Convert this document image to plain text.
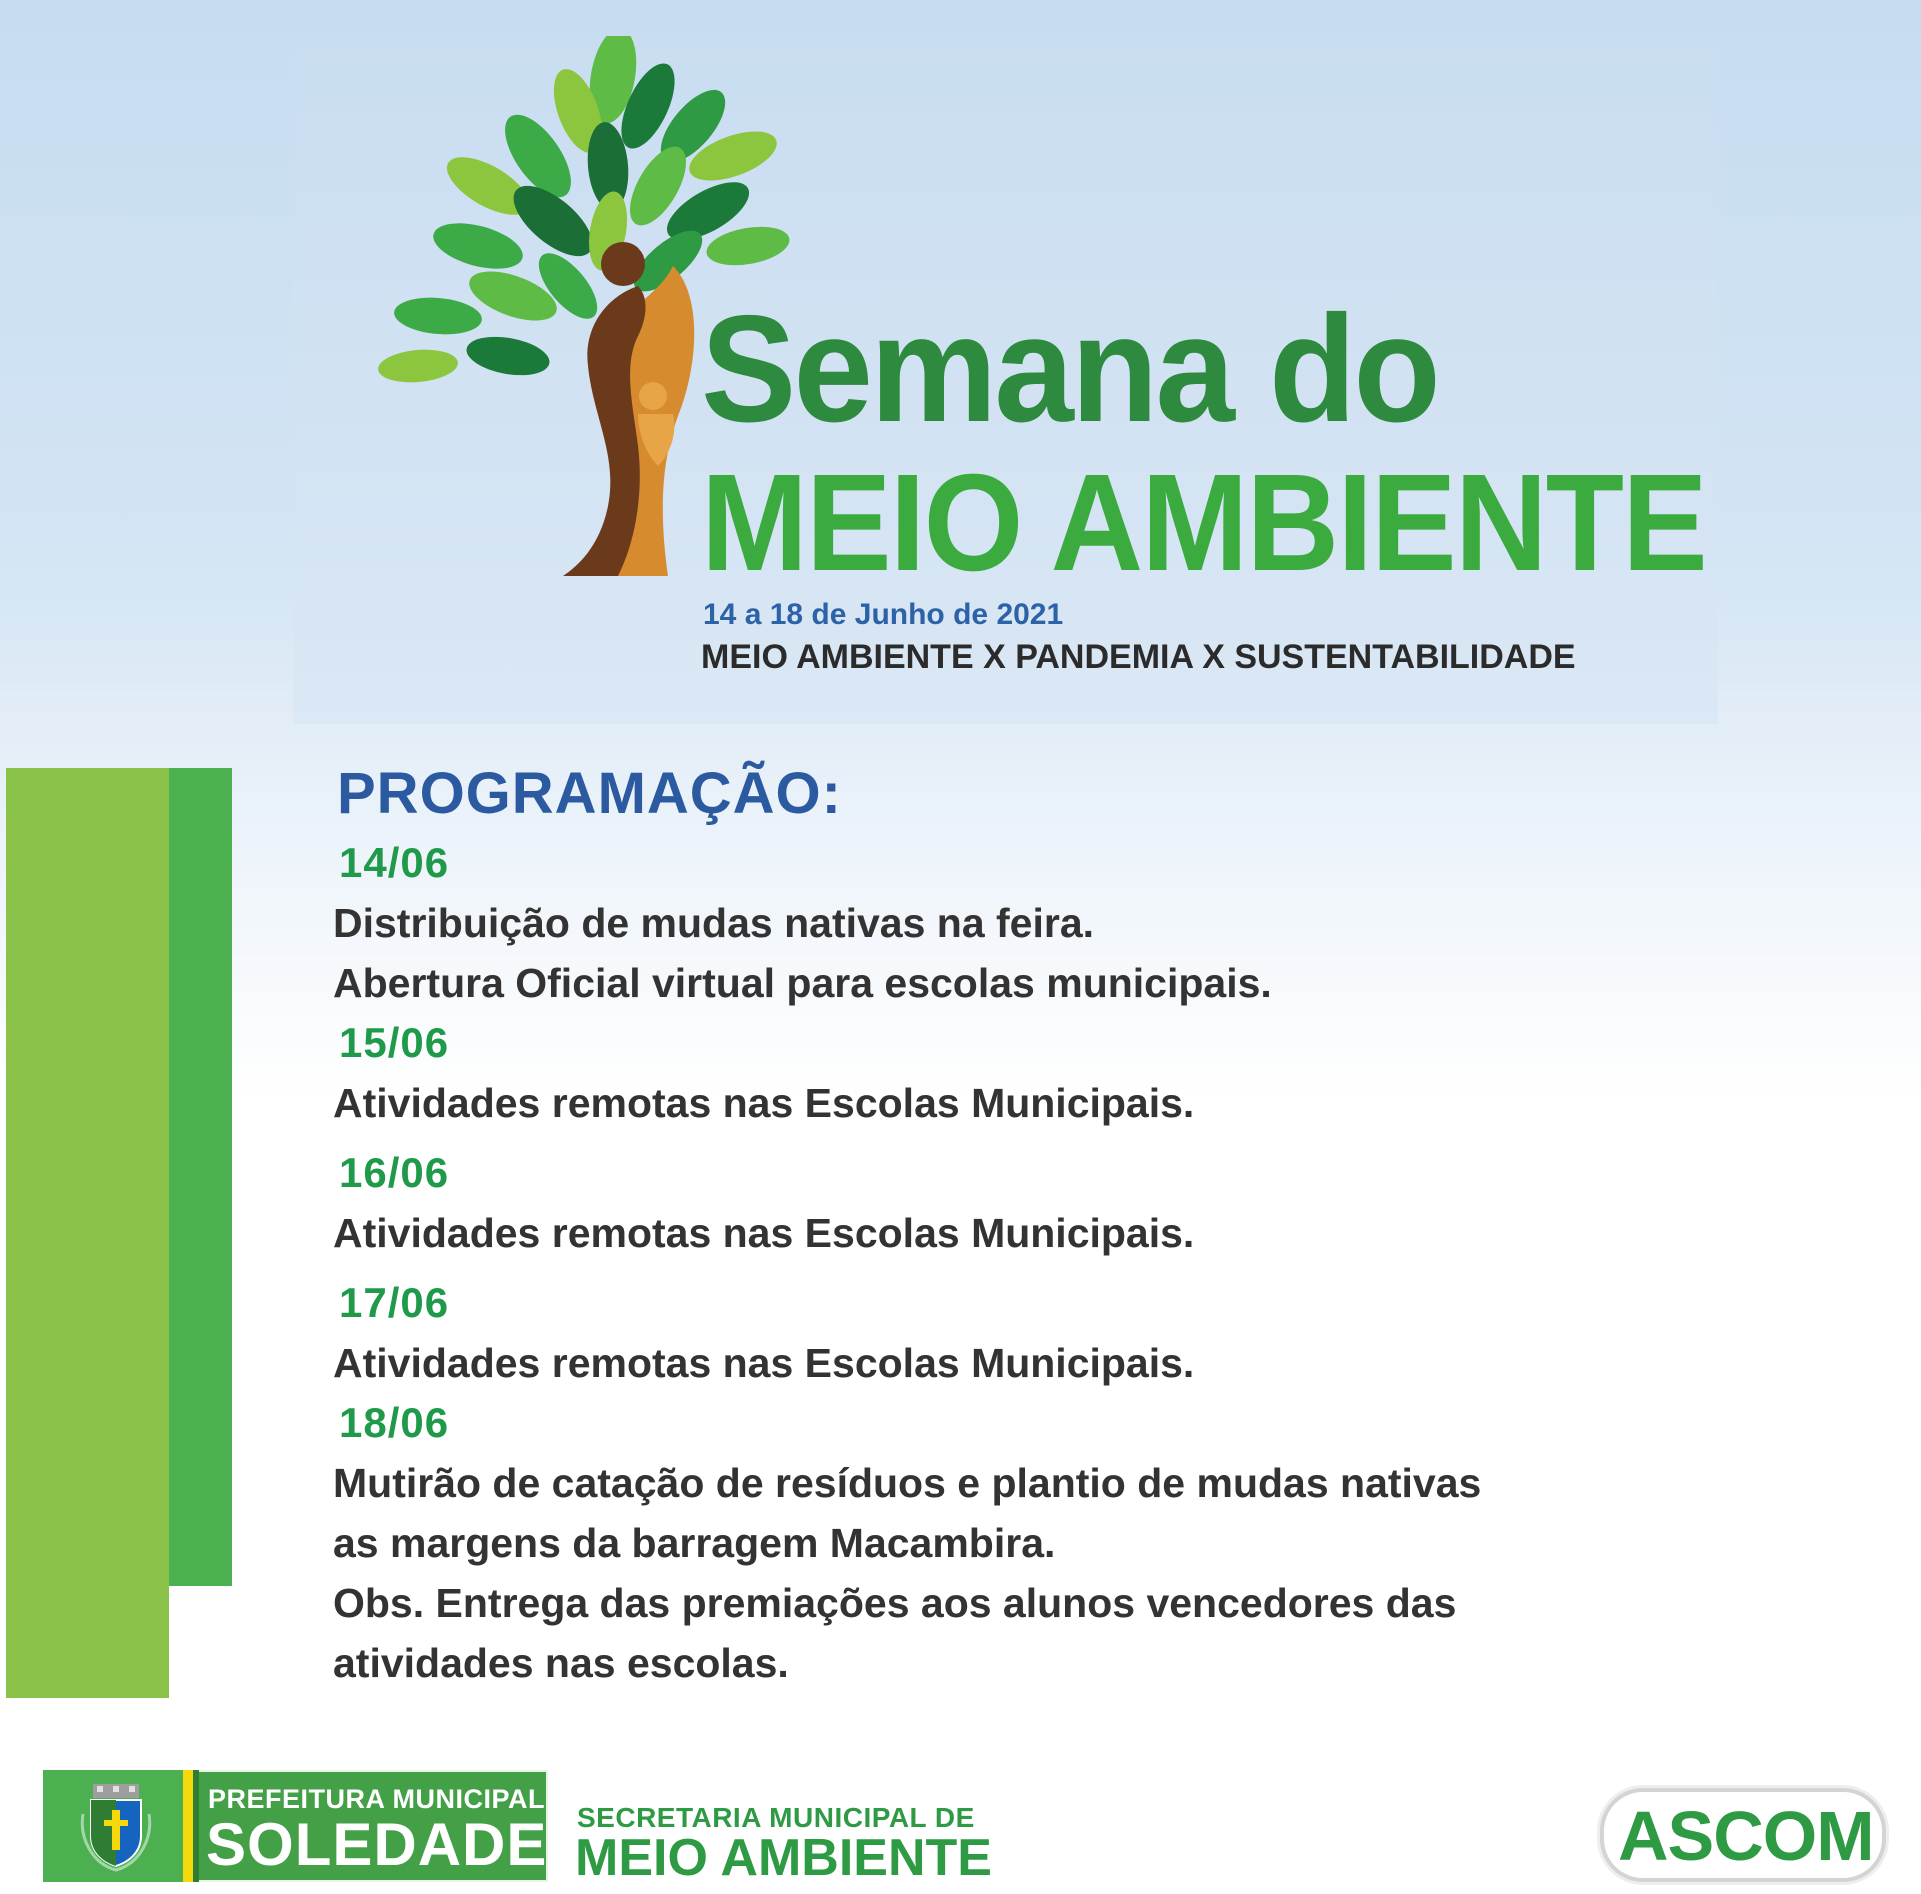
Semana do
MEIO AMBIENTE
14 a 18 de Junho de 2021
MEIO AMBIENTE X PANDEMIA X SUSTENTABILIDADE
PROGRAMAÇÃO:
14/06

Distribuição de mudas nativas na feira.

Abertura Oficial virtual para escolas municipais.

15/06

Atividades remotas nas Escolas Municipais.

16/06

Atividades remotas nas Escolas Municipais.

17/06

Atividades remotas nas Escolas Municipais.

18/06

Mutirão de catação de resíduos e plantio de mudas nativas

as margens da barragem Macambira.

Obs. Entrega das premiações aos alunos vencedores das

atividades nas escolas.

PREFEITURA MUNICIPAL
SOLEDADE SECRETARIA MUNICIPAL DE
MEIO AMBIENTE	ASCOM
